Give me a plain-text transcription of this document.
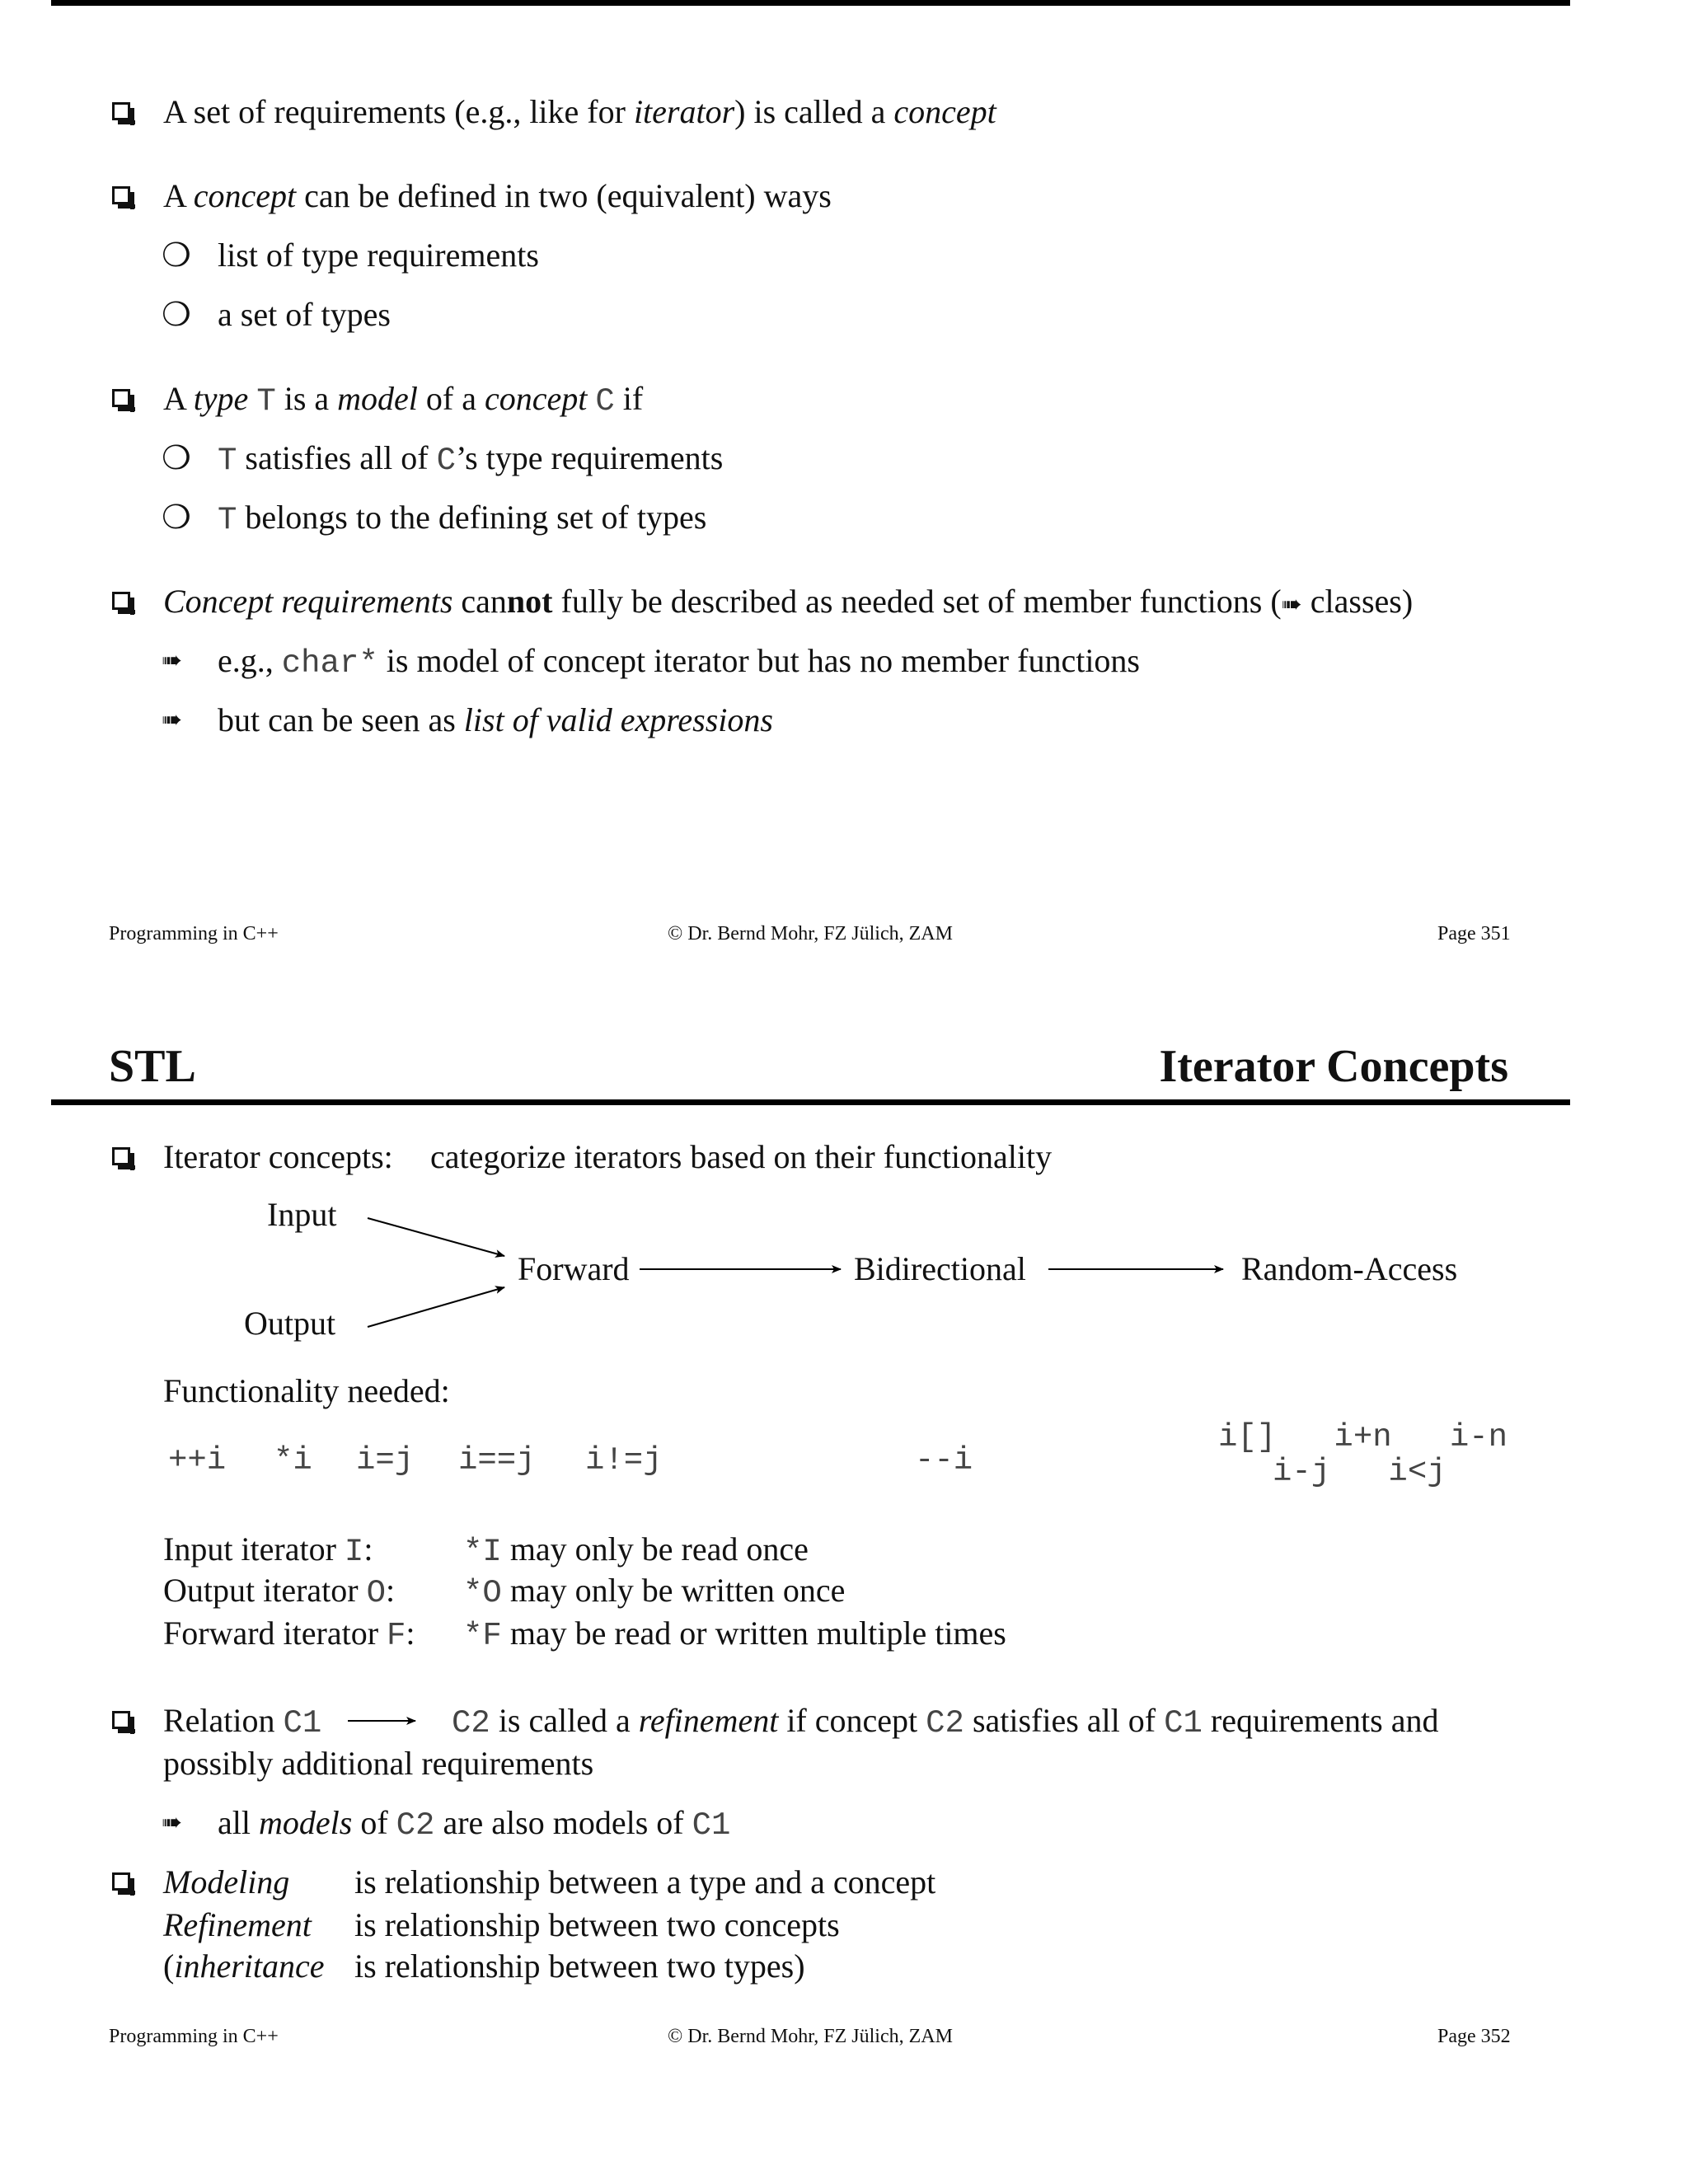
A set of requirements (e.g., like for iterator) is called a concept
A concept can be defined in two (equivalent) ways
❍ list of type requirements
❍ a set of types
A type T is a model of a concept C if
❍ T satisfies all of C’s type requirements
❍ T belongs to the defining set of types
Concept requirements cannot fully be described as needed set of member functions (➠ classes)
➠ e.g., char* is model of concept iterator but has no member functions
➠ but can be seen as list of valid expressions
Programming in C++	© Dr. Bernd Mohr, FZ Jülich, ZAM	Page 351
STL	Iterator Concepts
Iterator concepts: categorize iterators based on their functionality
Input
Output
Forward	Bidirectional	Random-Access
Functionality needed:
++i *i i=j i==j i!=j	--i
i[]   i+n   i-n
i-j   i<j
Input iterator I:	*I may only be read once
Output iterator O: *O may only be written once
Forward iterator F: *F may be read or written multiple times
Relation C1	C2 is called a refinement if concept C2 satisfies all of C1 requirements and
possibly additional requirements
➠ all models of C2 are also models of C1
Modeling is relationship between a type and a concept
Refinement is relationship between two concepts
(inheritance is relationship between two types)
Programming in C++	© Dr. Bernd Mohr, FZ Jülich, ZAM	Page 352
